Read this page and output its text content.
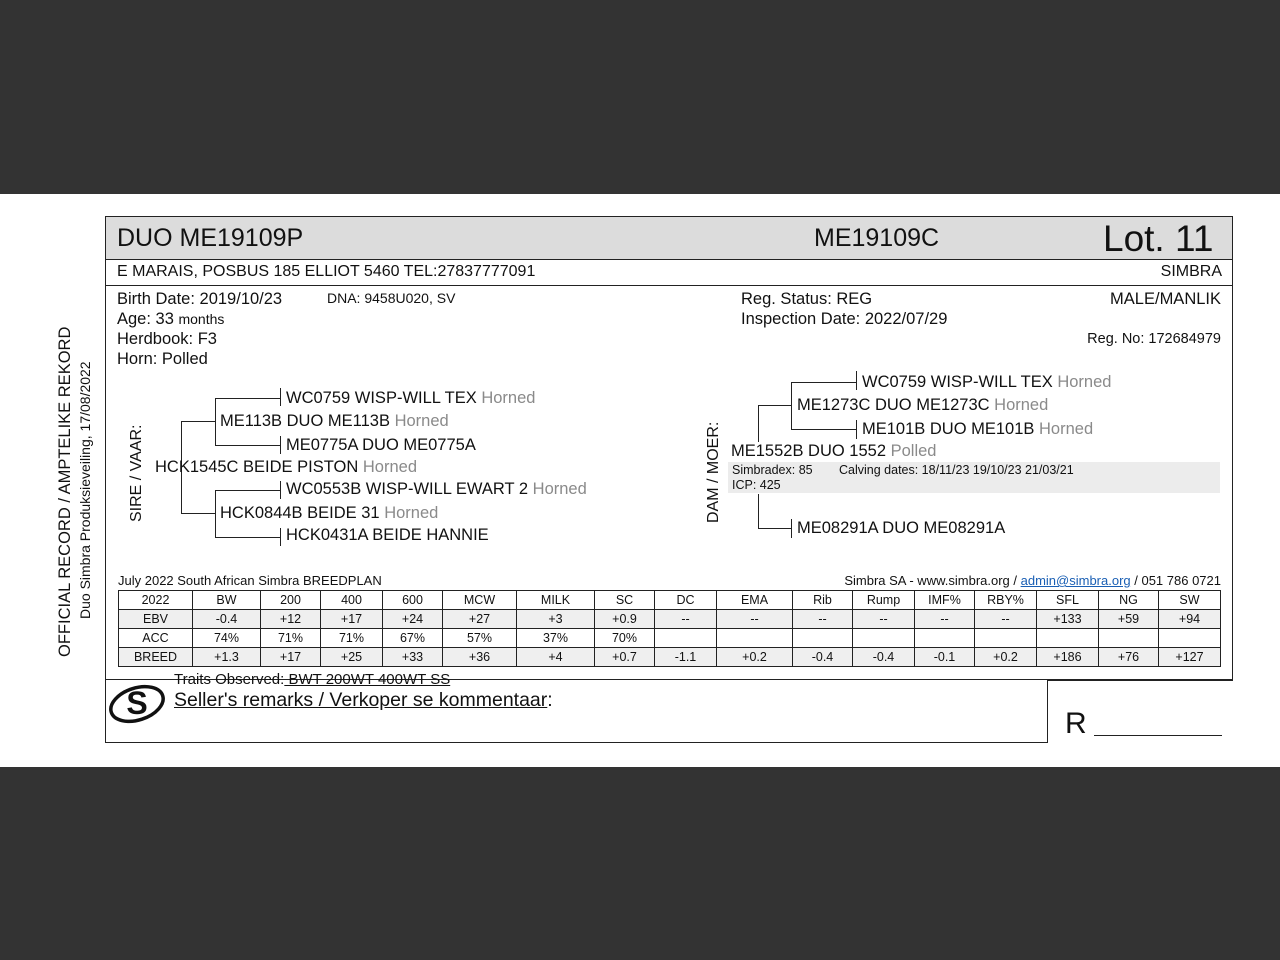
OFFICIAL RECORD / AMPTELIKE REKORD Duo Simbra Produksieveiling, 17/08/2022
DUO ME19109P	ME19109C	Lot. 11
E MARAIS, POSBUS 185 ELLIOT 5460 TEL:27837777091	SIMBRA
Birth Date: 2019/10/23	DNA: 9458U020, SV
Age: 33 months
Herdbook: F3
Horn: Polled
Reg. Status: REG
Inspection Date: 2022/07/29
MALE/MANLIK
Reg. No: 172684979
SIRE / VAAR:
WC0759 WISP-WILL TEX Horned
ME113B DUO ME113B Horned
ME0775A DUO ME0775A
HCK1545C BEIDE PISTON Horned
WC0553B WISP-WILL EWART 2 Horned
HCK0844B BEIDE 31 Horned
HCK0431A BEIDE HANNIE
DAM / MOER:
WC0759 WISP-WILL TEX Horned
ME1273C DUO ME1273C Horned
ME101B DUO ME101B Horned
ME1552B DUO 1552 Polled
Simbradex: 85 Calving dates: 18/11/23 19/10/23 21/03/21
ICP: 425
ME08291A DUO ME08291A
July 2022 South African Simbra BREEDPLAN	Simbra SA - www.simbra.org / admin@simbra.org / 051 786 0721
2022	BW	200	400	600	MCW	MILK	SC	DC	EMA	Rib	Rump	IMF%	RBY%	SFL	NG	SW
EBV	-0.4	+12	+17	+24	+27	+3	+0.9	--	--	--	--	--	--	+133	+59	+94
ACC	74%	71%	71%	67%	57%	37%	70%									
BREED	+1.3	+17	+25	+33	+36	+4	+0.7	-1.1	+0.2	-0.4	-0.4	-0.1	+0.2	+186	+76	+127
S
Traits Observed: BWT 200WT 400WT SS
Seller's remarks / Verkoper se kommentaar:
R
